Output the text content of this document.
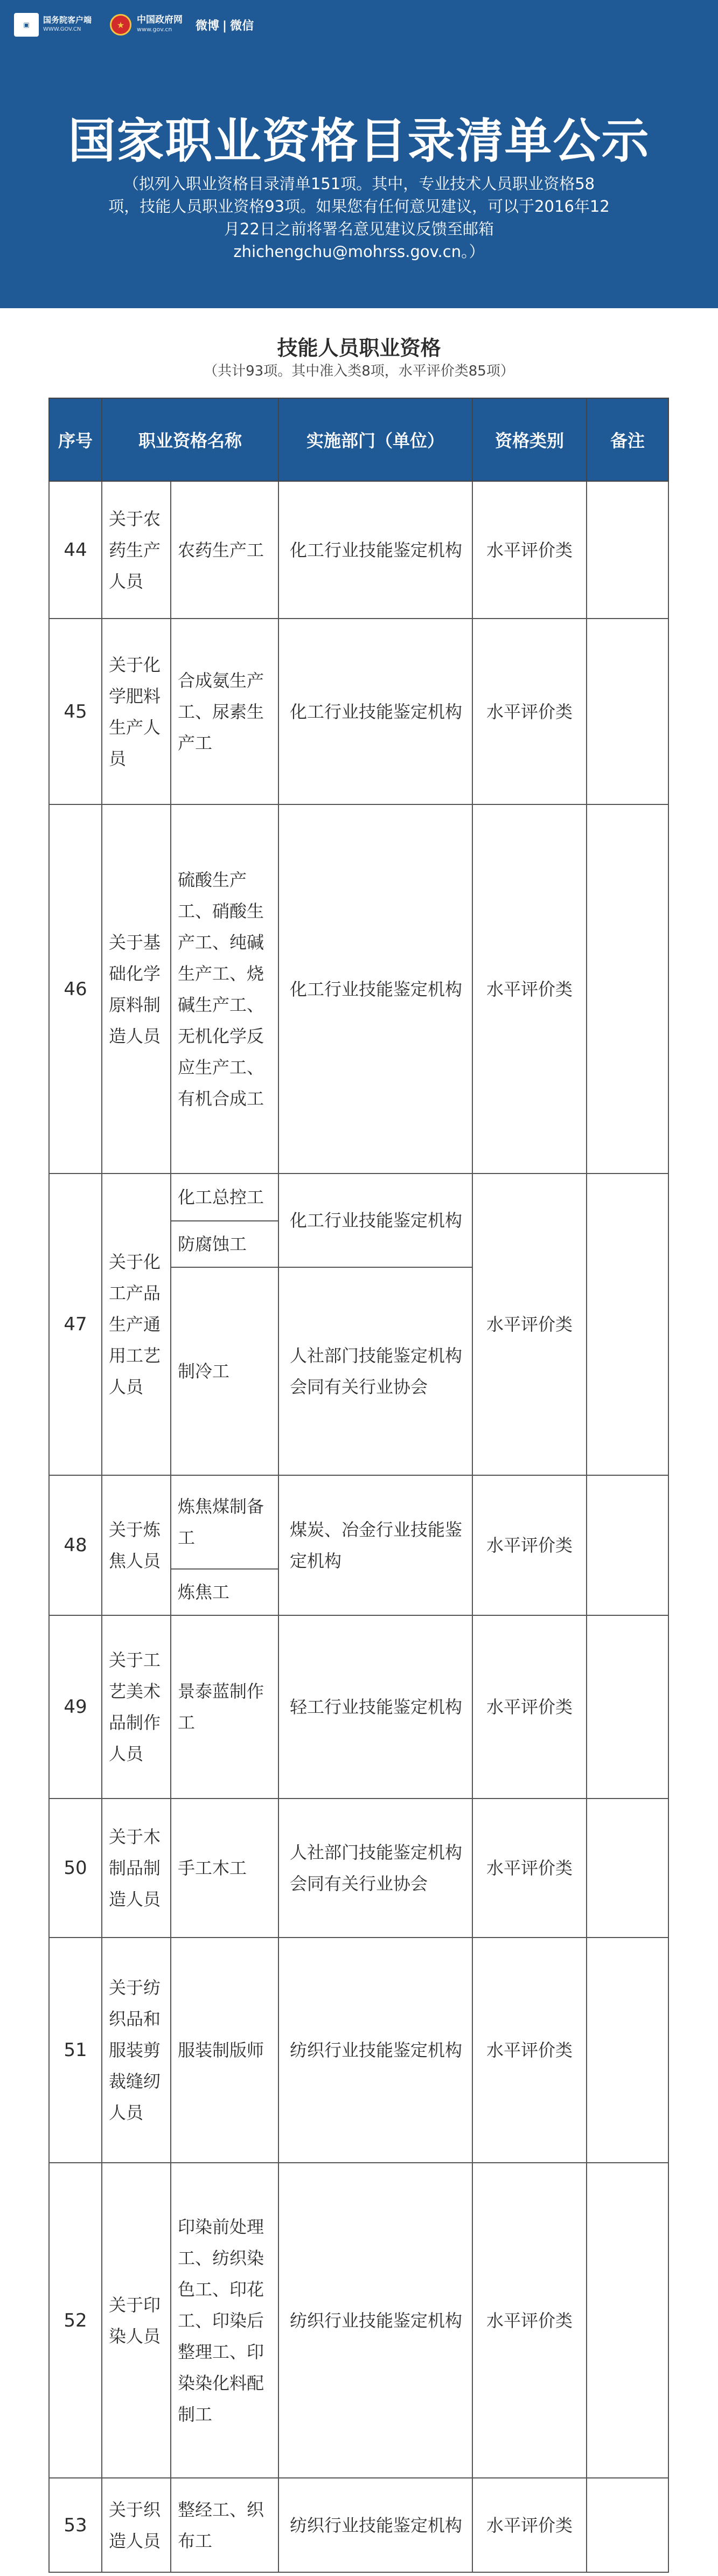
▣ 国务院客户端
WWW.GOV.CN	★	中国政府网
www.gov.cn	微博 | 微信
国家职业资格目录清单公示
（拟列入职业资格目录清单151项。其中，专业技术人员职业资格58项，技能人员职业资格93项。如果您有任何意见建议，可以于2016年12月22日之前将署名意见建议反馈至邮箱zhichengchu@mohrss.gov.cn。）
技能人员职业资格
（共计93项。其中准入类8项，水平评价类85项）
序号	职业资格名称		实施部门（单位）	资格类别	备注
44	关于农药生产人员	农药生产工	化工行业技能鉴定机构	水平评价类	
45	关于化学肥料生产人员	合成氨生产工、尿素生产工	化工行业技能鉴定机构	水平评价类	
46	关于基础化学原料制造人员	硫酸生产工、硝酸生产工、纯碱生产工、烧碱生产工、无机化学反应生产工、有机合成工	化工行业技能鉴定机构	水平评价类	
47	关于化工产品生产通用工艺人员	化工总控工	化工行业技能鉴定机构	水平评价类	
		防腐蚀工			
		制冷工	人社部门技能鉴定机构会同有关行业协会		
48	关于炼焦人员	炼焦煤制备工	煤炭、冶金行业技能鉴定机构	水平评价类	
		炼焦工			
49	关于工艺美术品制作人员	景泰蓝制作工	轻工行业技能鉴定机构	水平评价类	
50	关于木制品制造人员	手工木工	人社部门技能鉴定机构会同有关行业协会	水平评价类	
51	关于纺织品和服装剪裁缝纫人员	服装制版师	纺织行业技能鉴定机构	水平评价类	
52	关于印染人员	印染前处理工、纺织染色工、印花工、印染后整理工、印染染化料配制工	纺织行业技能鉴定机构	水平评价类	
53	关于织造人员	整经工、织布工	纺织行业技能鉴定机构	水平评价类	
